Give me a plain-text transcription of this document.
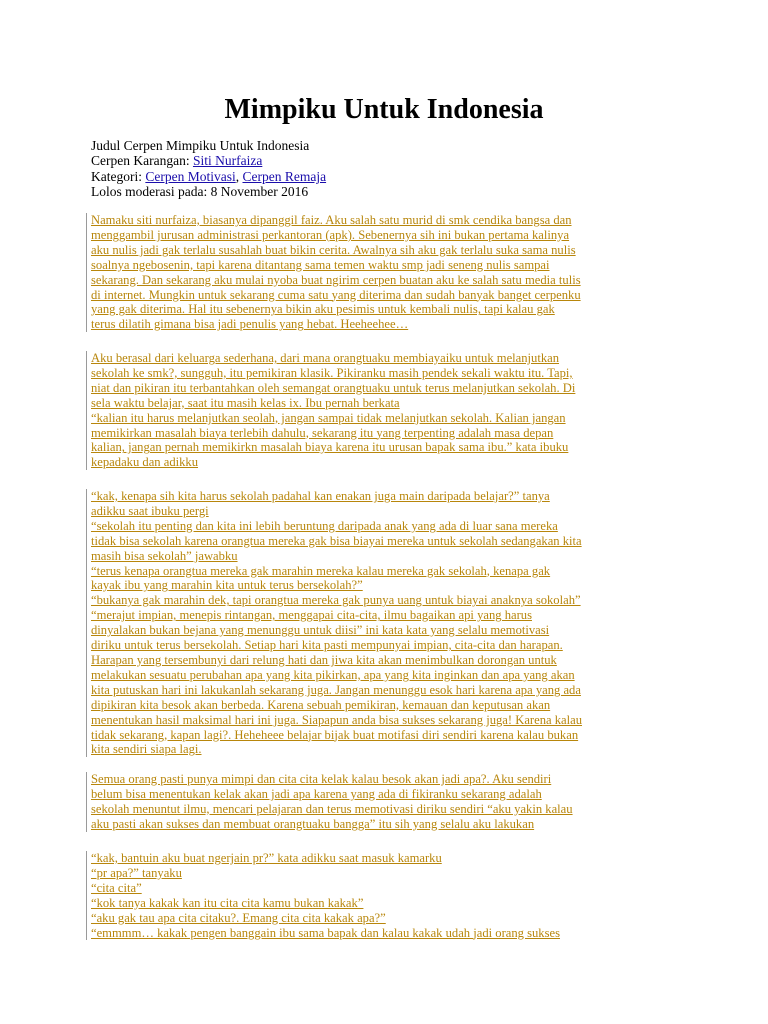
Mimpiku Untuk Indonesia
Judul Cerpen Mimpiku Untuk Indonesia
Cerpen Karangan: Siti Nurfaiza
Kategori: Cerpen Motivasi, Cerpen Remaja
Lolos moderasi pada: 8 November 2016
Namaku siti nurfaiza, biasanya dipanggil faiz. Aku salah satu murid di smk cendika bangsa dan
menggambil jurusan administrasi perkantoran (apk). Sebenernya sih ini bukan pertama kalinya
aku nulis jadi gak terlalu susahlah buat bikin cerita. Awalnya sih aku gak terlalu suka sama nulis
soalnya ngebosenin, tapi karena ditantang sama temen waktu smp jadi seneng nulis sampai
sekarang. Dan sekarang aku mulai nyoba buat ngirim cerpen buatan aku ke salah satu media tulis
di internet. Mungkin untuk sekarang cuma satu yang diterima dan sudah banyak banget cerpenku
yang gak diterima. Hal itu sebenernya bikin aku pesimis untuk kembali nulis, tapi kalau gak
terus dilatih gimana bisa jadi penulis yang hebat. Heeheehee…
Aku berasal dari keluarga sederhana, dari mana orangtuaku membiayaiku untuk melanjutkan
sekolah ke smk?, sungguh, itu pemikiran klasik. Pikiranku masih pendek sekali waktu itu. Tapi,
niat dan pikiran itu terbantahkan oleh semangat orangtuaku untuk terus melanjutkan sekolah. Di
sela waktu belajar, saat itu masih kelas ix. Ibu pernah berkata
“kalian itu harus melanjutkan seolah, jangan sampai tidak melanjutkan sekolah. Kalian jangan
memikirkan masalah biaya terlebih dahulu, sekarang itu yang terpenting adalah masa depan
kalian, jangan pernah memikirkn masalah biaya karena itu urusan bapak sama ibu.” kata ibuku
kepadaku dan adikku
“kak, kenapa sih kita harus sekolah padahal kan enakan juga main daripada belajar?” tanya
adikku saat ibuku pergi
“sekolah itu penting dan kita ini lebih beruntung daripada anak yang ada di luar sana mereka
tidak bisa sekolah karena orangtua mereka gak bisa biayai mereka untuk sekolah sedangakan kita
masih bisa sekolah” jawabku
“terus kenapa orangtua mereka gak marahin mereka kalau mereka gak sekolah, kenapa gak
kayak ibu yang marahin kita untuk terus bersekolah?”
“bukanya gak marahin dek, tapi orangtua mereka gak punya uang untuk biayai anaknya sokolah”
“merajut impian, menepis rintangan, menggapai cita-cita, ilmu bagaikan api yang harus
dinyalakan bukan bejana yang menunggu untuk diisi” ini kata kata yang selalu memotivasi
diriku untuk terus bersekolah. Setiap hari kita pasti mempunyai impian, cita-cita dan harapan.
Harapan yang tersembunyi dari relung hati dan jiwa kita akan menimbulkan dorongan untuk
melakukan sesuatu perubahan apa yang kita pikirkan, apa yang kita inginkan dan apa yang akan
kita putuskan hari ini lakukanlah sekarang juga. Jangan menunggu esok hari karena apa yang ada
dipikiran kita besok akan berbeda. Karena sebuah pemikiran, kemauan dan keputusan akan
menentukan hasil maksimal hari ini juga. Siapapun anda bisa sukses sekarang juga! Karena kalau
tidak sekarang, kapan lagi?. Heheheee belajar bijak buat motifasi diri sendiri karena kalau bukan
kita sendiri siapa lagi.
Semua orang pasti punya mimpi dan cita cita kelak kalau besok akan jadi apa?. Aku sendiri
belum bisa menentukan kelak akan jadi apa karena yang ada di fikiranku sekarang adalah
sekolah menuntut ilmu, mencari pelajaran dan terus memotivasi diriku sendiri “aku yakin kalau
aku pasti akan sukses dan membuat orangtuaku bangga” itu sih yang selalu aku lakukan
“kak, bantuin aku buat ngerjain pr?” kata adikku saat masuk kamarku
“pr apa?” tanyaku
“cita cita”
“kok tanya kakak kan itu cita cita kamu bukan kakak”
“aku gak tau apa cita citaku?. Emang cita cita kakak apa?”
“emmmm… kakak pengen banggain ibu sama bapak dan kalau kakak udah jadi orang sukses
